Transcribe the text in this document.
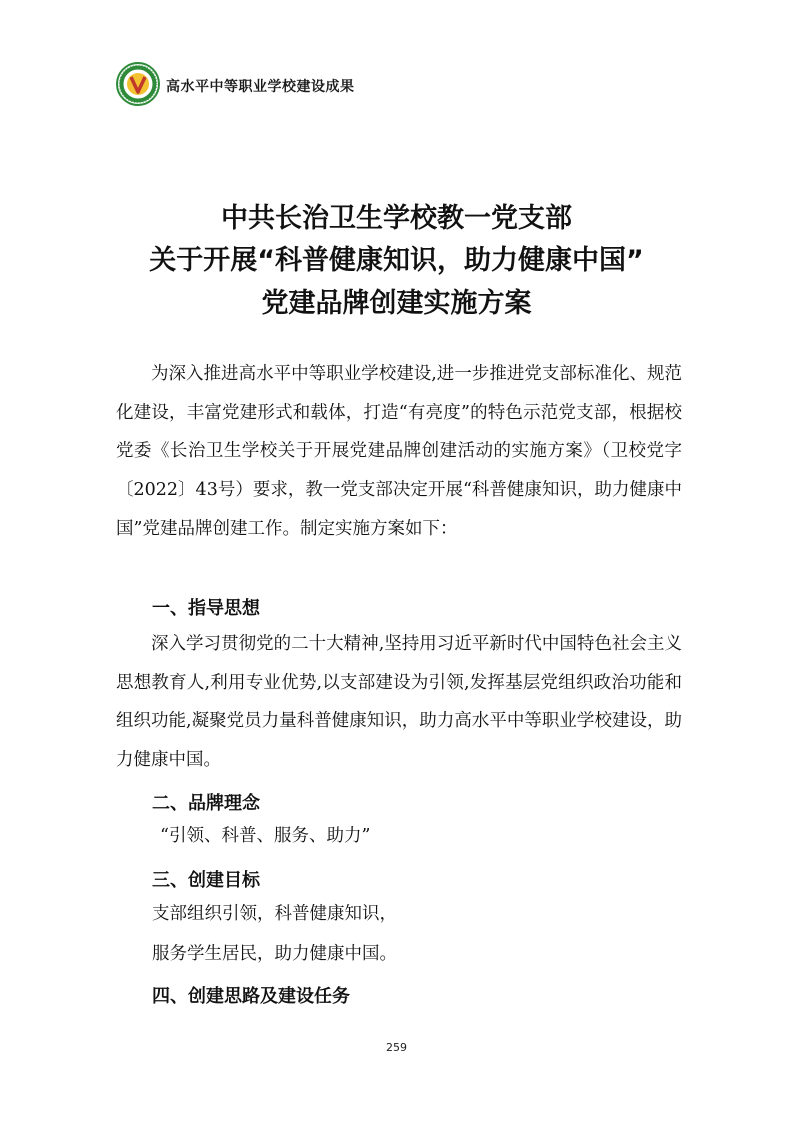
高水平中等职业学校建设成果
中共长治卫生学校教一党支部
关于开展“科普健康知识，助力健康中国”
党建品牌创建实施方案
为深入推进高水平中等职业学校建设,进一步推进党支部标准化、规范化建设，丰富党建形式和载体，打造“有亮度”的特色示范党支部，根据校党委《长治卫生学校关于开展党建品牌创建活动的实施方案》（卫校党字〔2022〕43号）要求，教一党支部决定开展“科普健康知识，助力健康中国”党建品牌创建工作。制定实施方案如下：
一、指导思想
深入学习贯彻党的二十大精神,坚持用习近平新时代中国特色社会主义思想教育人,利用专业优势,以支部建设为引领,发挥基层党组织政治功能和组织功能,凝聚党员力量科普健康知识，助力高水平中等职业学校建设，助力健康中国。
二、品牌理念
“引领、科普、服务、助力”
三、创建目标
支部组织引领，科普健康知识，
服务学生居民，助力健康中国。
四、创建思路及建设任务
259
